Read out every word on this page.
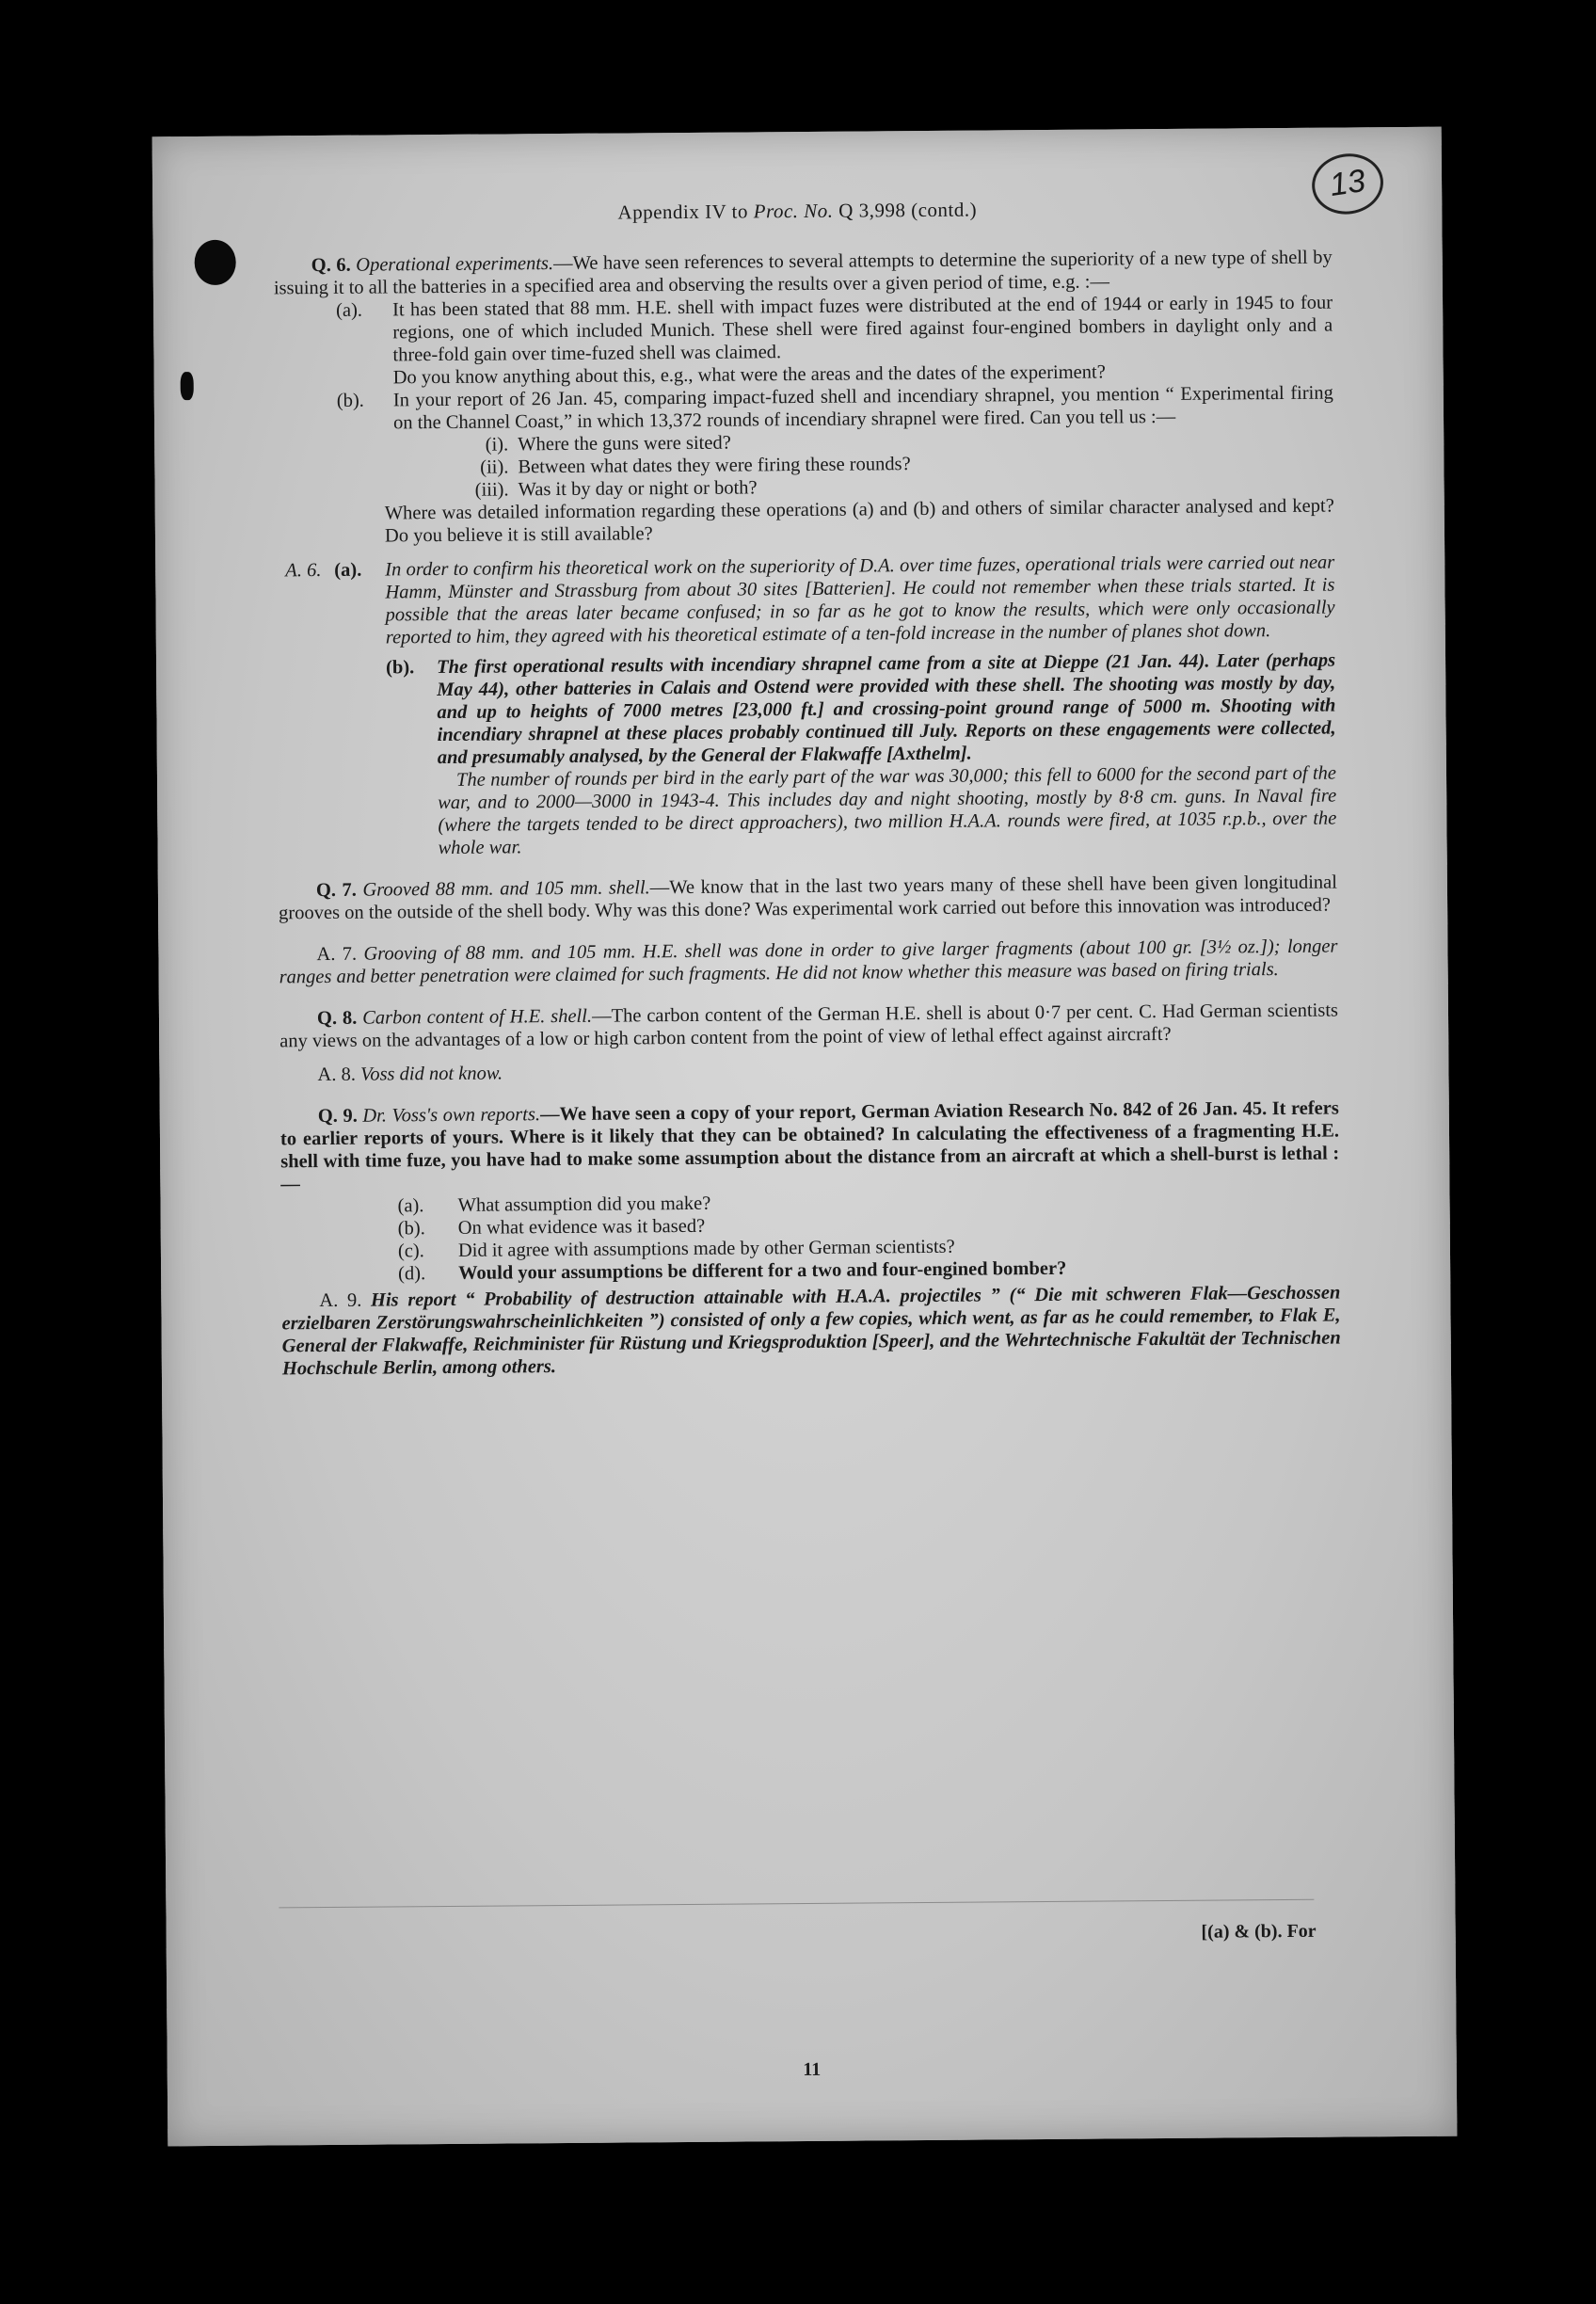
13
Appendix IV to Proc. No. Q 3,998 (contd.)

Q. 6. Operational experiments.—We have seen references to several attempts to determine the superiority of a new type of shell by issuing it to all the batteries in a specified area and observing the results over a given period of time, e.g. :—

(a).	It has been stated that 88 mm. H.E. shell with impact fuzes were distributed at the end of 1944 or early in 1945 to four regions, one of which included Munich. These shell were fired against four-engined bombers in daylight only and a three-fold gain over time-fuzed shell was claimed.

Do you know anything about this, e.g., what were the areas and the dates of the experiment?

(b).	In your report of 26 Jan. 45, comparing impact-fuzed shell and incendiary shrapnel, you mention “ Experimental firing on the Channel Coast,” in which 13,372 rounds of incendiary shrapnel were fired. Can you tell us :—
(i). Where the guns were sited?
(ii). Between what dates they were firing these rounds?
(iii). Was it by day or night or both?

Where was detailed information regarding these operations (a) and (b) and others of similar character analysed and kept? Do you believe it is still available?

A. 6. (a).	In order to confirm his theoretical work on the superiority of D.A. over time fuzes, operational trials were carried out near Hamm, Münster and Strassburg from about 30 sites [Batterien]. He could not remember when these trials started. It is possible that the areas later became confused; in so far as he got to know the results, which were only occasionally reported to him, they agreed with his theoretical estimate of a ten-fold increase in the number of planes shot down.
(b).	The first operational results with incendiary shrapnel came from a site at Dieppe (21 Jan. 44). Later (perhaps May 44), other batteries in Calais and Ostend were provided with these shell. The shooting was mostly by day, and up to heights of 7000 metres [23,000 ft.] and crossing-point ground range of 5000 m. Shooting with incendiary shrapnel at these places probably continued till July. Reports on these engagements were collected, and presumably analysed, by the General der Flakwaffe [Axthelm].

The number of rounds per bird in the early part of the war was 30,000; this fell to 6000 for the second part of the war, and to 2000—3000 in 1943-4. This includes day and night shooting, mostly by 8·8 cm. guns. In Naval fire (where the targets tended to be direct approachers), two million H.A.A. rounds were fired, at 1035 r.p.b., over the whole war.

Q. 7. Grooved 88 mm. and 105 mm. shell.—We know that in the last two years many of these shell have been given longitudinal grooves on the outside of the shell body. Why was this done? Was experimental work carried out before this innovation was introduced?

A. 7. Grooving of 88 mm. and 105 mm. H.E. shell was done in order to give larger fragments (about 100 gr. [3½ oz.]); longer ranges and better penetration were claimed for such fragments. He did not know whether this measure was based on firing trials.

Q. 8. Carbon content of H.E. shell.—The carbon content of the German H.E. shell is about 0·7 per cent. C. Had German scientists any views on the advantages of a low or high carbon content from the point of view of lethal effect against aircraft?

A. 8. Voss did not know.

Q. 9. Dr. Voss's own reports.—We have seen a copy of your report, German Aviation Research No. 842 of 26 Jan. 45. It refers to earlier reports of yours. Where is it likely that they can be obtained? In calculating the effectiveness of a fragmenting H.E. shell with time fuze, you have had to make some assumption about the distance from an aircraft at which a shell-burst is lethal :—

(a).	What assumption did you make?
(b).	On what evidence was it based?
(c).	Did it agree with assumptions made by other German scientists?
(d).	Would your assumptions be different for a two and four-engined bomber?

A. 9. His report “ Probability of destruction attainable with H.A.A. projectiles ” (“ Die mit schweren Flak—Geschossen erzielbaren Zerstörungswahrscheinlichkeiten ”) consisted of only a few copies, which went, as far as he could remember, to Flak E, General der Flakwaffe, Reichminister für Rüstung und Kriegsproduktion [Speer], and the Wehrtechnische Fakultät der Technischen Hochschule Berlin, among others.

[(a) & (b). For
11
